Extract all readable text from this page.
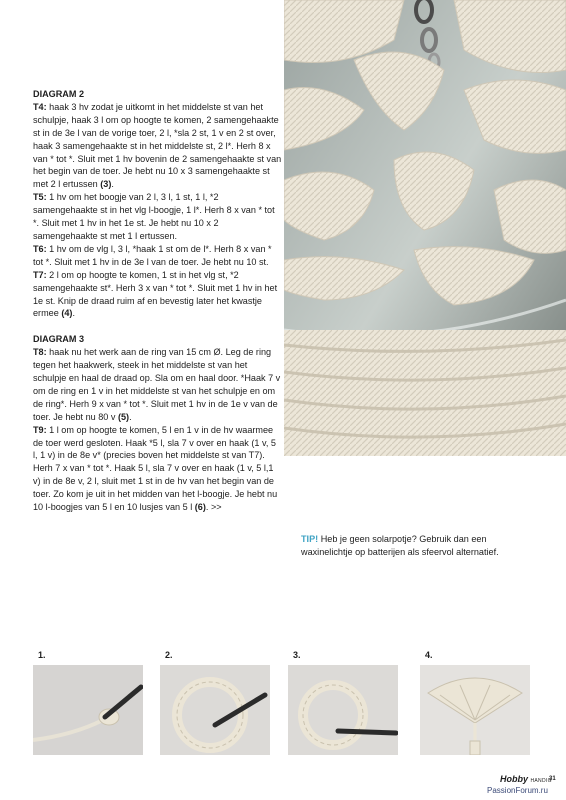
DIAGRAM 2

T4: haak 3 hv zodat je uitkomt in het middelste st van het schulpje, haak 3 l om op hoogte te komen, 2 samengehaakte st in de 3e l van de vorige toer, 2 l, *sla 2 st, 1 v en 2 st over, haak 3 samengehaakte st in het middelste st, 2 l*. Herh 8 x van * tot *. Sluit met 1 hv bovenin de 2 samengehaakte st van het begin van de toer. Je hebt nu 10 x 3 samengehaakte st met 2 l ertussen (3).

T5: 1 hv om het boogje van 2 l, 3 l, 1 st, 1 l, *2 samengehaakte st in het vlg l-boogje, 1 l*. Herh 8 x van * tot *. Sluit met 1 hv in het 1e st. Je hebt nu 10 x 2 samengehaakte st met 1 l ertussen.

T6: 1 hv om de vlg l, 3 l, *haak 1 st om de l*. Herh 8 x van * tot *. Sluit met 1 hv in de 3e l van de toer. Je hebt nu 10 st.

T7: 2 l om op hoogte te komen, 1 st in het vlg st, *2 samengehaakte st*. Herh 3 x van * tot *. Sluit met 1 hv in het 1e st. Knip de draad ruim af en bevestig later het kwastje ermee (4).

DIAGRAM 3

T8: haak nu het werk aan de ring van 15 cm Ø. Leg de ring tegen het haakwerk, steek in het middelste st van het schulpje en haal de draad op. Sla om en haal door. *Haak 7 v om de ring en 1 v in het middelste st van het schulpje en om de ring*. Herh 9 x van * tot *. Sluit met 1 hv in de 1e v van de toer. Je hebt nu 80 v (5).

T9: 1 l om op hoogte te komen, 5 l en 1 v in de hv waarmee de toer werd gesloten. Haak *5 l, sla 7 v over en haak (1 v, 5 l, 1 v) in de 8e v* (precies boven het middelste st van T7). Herh 7 x van * tot *. Haak 5 l, sla 7 v over en haak (1 v, 5 l,1 v) in de 8e v, 2 l, sluit met 1 st in de hv van het begin van de toer. Zo kom je uit in het midden van het l-boogje. Je hebt nu 10 l-boogjes van 5 l en 10 lusjes van 5 l (6). >>

TIP! Heb je geen solarpotje? Gebruik dan een waxinelichtje op batterijen als sfeervol alternatief.
1.	2.	3.	4.
Hobby HANDIG
31
PassionForum.ru
